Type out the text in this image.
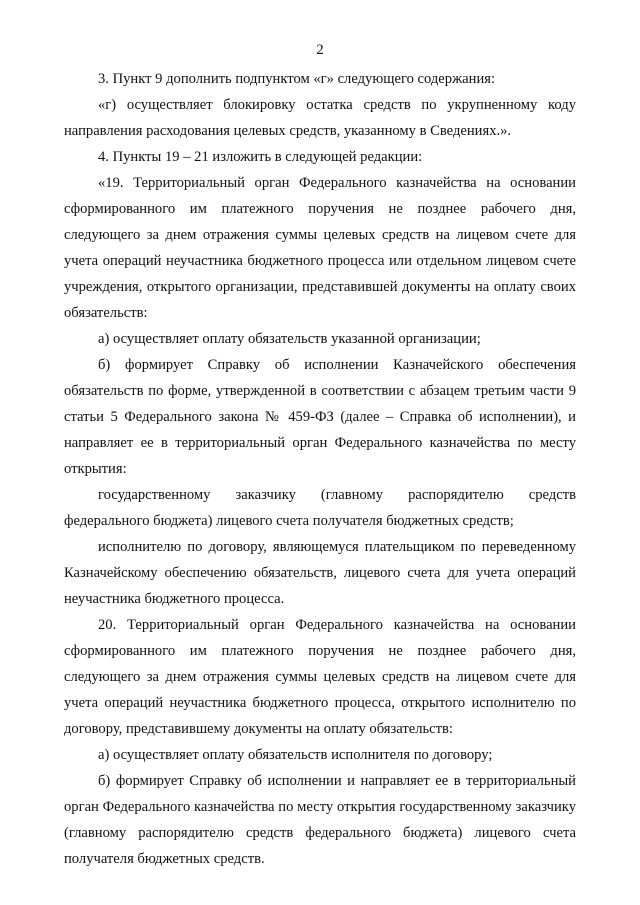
2

3. Пункт 9 дополнить подпунктом «г» следующего содержания:

«г) осуществляет блокировку остатка средств по укрупненному коду направления расходования целевых средств, указанному в Сведениях.».

4. Пункты 19 – 21 изложить в следующей редакции:

«19. Территориальный орган Федерального казначейства на основании сформированного им платежного поручения не позднее рабочего дня, следующего за днем отражения суммы целевых средств на лицевом счете для учета операций неучастника бюджетного процесса или отдельном лицевом счете учреждения, открытого организации, представившей документы на оплату своих обязательств:

а) осуществляет оплату обязательств указанной организации;

б) формирует Справку об исполнении Казначейского обеспечения обязательств по форме, утвержденной в соответствии с абзацем третьим части 9 статьи 5 Федерального закона № 459-ФЗ (далее – Справка об исполнении), и направляет ее в территориальный орган Федерального казначейства по месту открытия:

государственному заказчику (главному распорядителю средств федерального бюджета) лицевого счета получателя бюджетных средств;

исполнителю по договору, являющемуся плательщиком по переведенному Казначейскому обеспечению обязательств, лицевого счета для учета операций неучастника бюджетного процесса.

20. Территориальный орган Федерального казначейства на основании сформированного им платежного поручения не позднее рабочего дня, следующего за днем отражения суммы целевых средств на лицевом счете для учета операций неучастника бюджетного процесса, открытого исполнителю по договору, представившему документы на оплату обязательств:

а) осуществляет оплату обязательств исполнителя по договору;

б) формирует Справку об исполнении и направляет ее в территориальный орган Федерального казначейства по месту открытия государственному заказчику (главному распорядителю средств федерального бюджета) лицевого счета получателя бюджетных средств.
